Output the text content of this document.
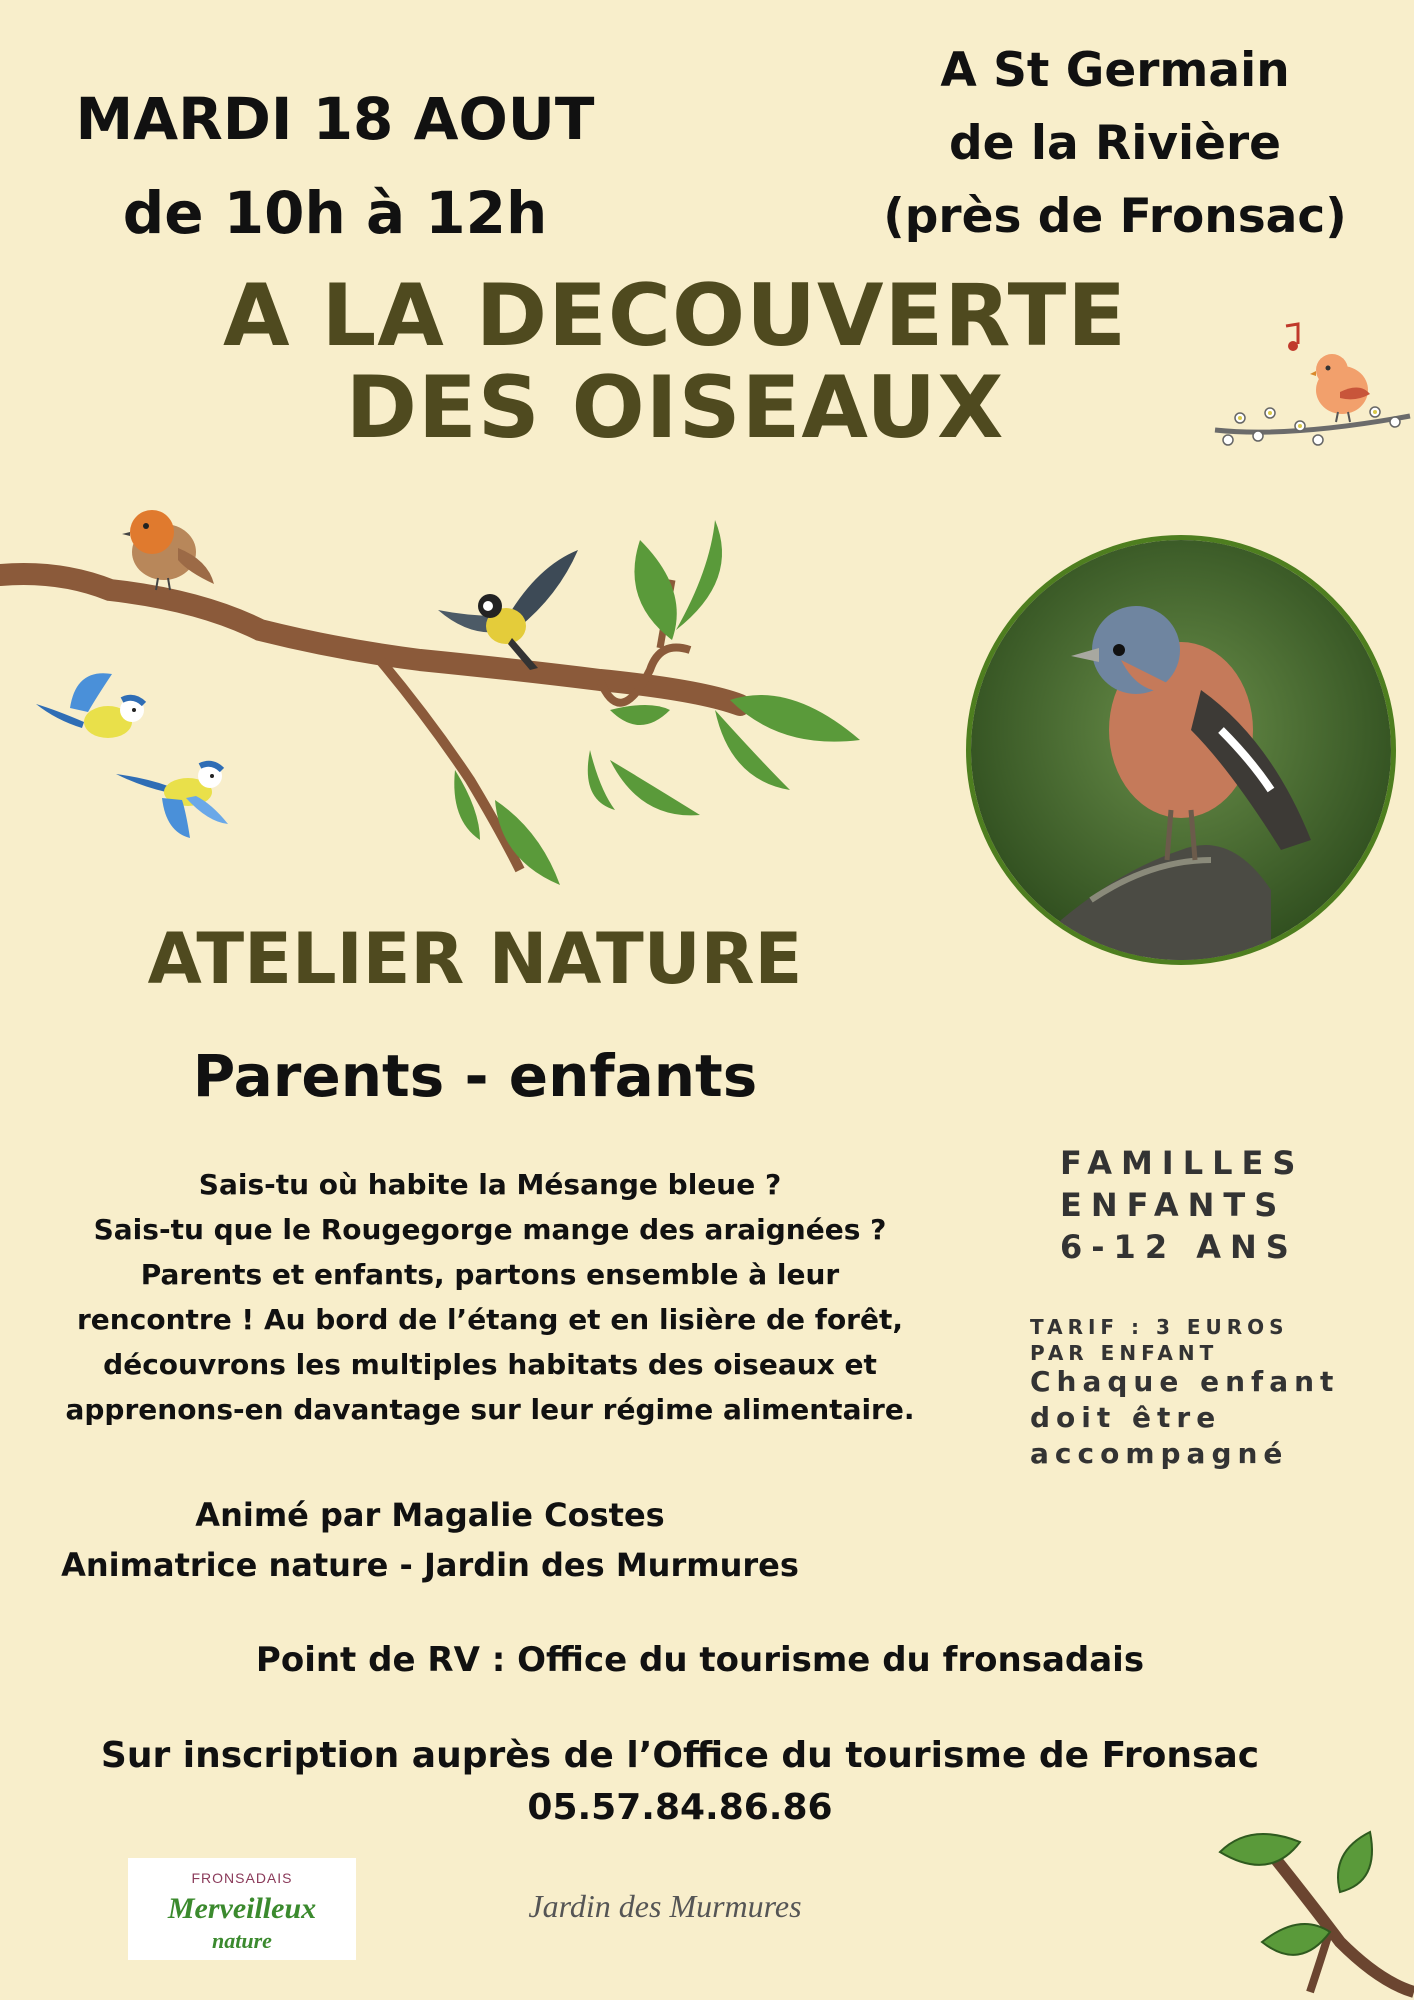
MARDI 18 AOUT
de 10h à 12h
A St Germain
de la Rivière
(près de Fronsac)
A LA DECOUVERTE
DES OISEAUX
ATELIER NATURE
Parents - enfants
Sais-tu où habite la Mésange bleue ?
Sais-tu que le Rougegorge mange des araignées ?
Parents et enfants, partons ensemble à leur
rencontre ! Au bord de l’étang et en lisière de forêt,
découvrons les multiples habitats des oiseaux et
apprenons-en davantage sur leur régime alimentaire.
FAMILLES
ENFANTS
6-12 ANS
TARIF : 3 EUROS
PAR ENFANT
Chaque enfant
doit être
accompagné
Animé par Magalie Costes
Animatrice nature - Jardin des Murmures
Point de RV : Office du tourisme du fronsadais
Sur inscription auprès de l’Office du tourisme de Fronsac
05.57.84.86.86
FRONSADAIS
Merveilleux
nature
Jardin des Murmures
